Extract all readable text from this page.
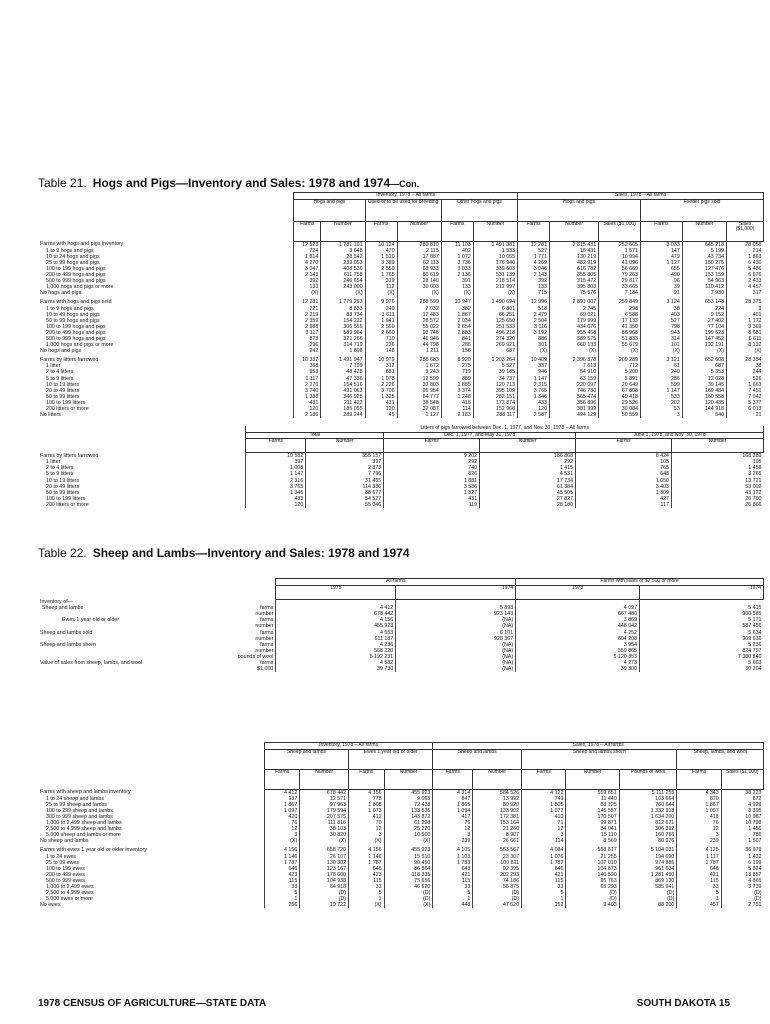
Table 21. Hogs and Pigs—Inventory and Sales: 1978 and 1974—Con.
	Inventory, 1978 – All farms						Sales, 1978 – All farms					
	Hogs and pigs		Used or to be used for breeding		Other hogs and pigs		Hogs and pigs			Feeder pigs sold		
	Farms	Number	Farms	Number	Farms	Number	Farms	Number	Sales ($1,000)	Farms	Number	Sales ($1,000)
Farms with hogs and pigs inventory	12 523	1 781 191	10 124	289 810	11 103	1 491 381	12 281	2 815 431	252 665	3 033	645 218	28 058
1 to 9 hogs and pigs	724	3 648	470	2 115	402	1 533	527	18 431	1 571	147	5 199	214
10 to 24 hogs and pigs	1 814	28 542	1 510	17 887	1 072	10 655	1 771	130 219	10 994	479	43 734	1 863
25 to 99 hogs and pigs	4 270	239 053	3 389	62 113	3 736	176 940	4 269	482 919	41 096	1 127	150 275	6 430
100 to 199 hogs and pigs	3 047	408 536	2 559	68 933	3 033	339 603	3 046	616 782	56 660	655	127 476	5 486
200 to 499 hogs and pigs	2 143	611 758	1 765	80 619	2 136	531 139	2 143	855 805	79 263	490	153 159	6 976
500 to 999 hogs and pigs	392	246 654	319	28 140	391	218 514	392	315 472	29 817	96	54 963	2 433
1,000 hogs and pigs or more	133	243 000	112	30 003	133	212 997	133	395 803	33 665	39	110 412	4 457
No hogs and pigs	(X)	(X)	(X)	(X)	(X)	(X)	715	75 576	7 184	91	7 930	317

Farms with hogs and pigs sold	12 281	1 779 293	9 976	288 599	10 947	1 490 694	12 996	2 891 007	259 849	3 124	653 148	28 375
1 to 9 hogs and pigs	221	8 833	249	2 032	382	6 801	518	2 745	298	38	224	9
10 to 49 hogs and pigs	2 219	83 734	1 611	17 483	1 867	66 251	2 479	69 021	6 588	403	9 152	401
50 to 99 hogs and pigs	2 359	154 222	1 941	28 572	2 034	125 650	2 504	179 999	17 133	527	27 402	1 172
100 to 199 hogs and pigs	2 988	306 555	2 569	55 022	2 654	251 533	3 116	434 076	41 350	798	77 104	3 369
200 to 499 hogs and pigs	3 117	589 964	2 660	93 746	2 883	496 218	3 192	955 458	86 968	943	199 623	8 681
500 to 999 hogs and pigs	873	321 266	710	46 946	841	274 320	886	589 575	51 833	314	147 452	6 611
1,000 hogs and pigs or more	296	314 719	236	44 798	286	269 921	301	660 133	55 679	101	192 191	8 132
No hogs and pigs	242	1 898	148	1 211	156	687	(X)	(X)	(X)	(X)	(X)	(X)

Farms by litters farrowed	10 337	1 491 947	10 079	288 683	8 920	1 203 264	10 409	2 396 878	209 289	3 121	652 608	28 354
1 litter	368	7 199	312	1 672	275	5 527	337	7 613	712	61	687	38
2 to 4 litters	953	48 428	881	9 243	719	39 185	946	54 910	5 200	240	5 353	244
5 to 9 litters	1 117	47 336	1 078	12 599	889	34 737	1 147	63 159	5 891	286	12 028	526
10 to 19 litters	2 270	154 516	2 226	33 803	1 885	120 713	2 315	220 097	20 649	599	39 145	1 663
20 to 49 litters	3 740	491 063	3 706	95 954	3 374	395 109	3 765	746 730	67 808	1 147	169 484	7 451
50 to 99 litters	1 338	346 928	1 325	64 777	1 248	282 151	1 346	565 474	49 418	533	160 558	7 042
100 to 199 litters	431	211 422	431	38 548	416	172 874	433	356 896	29 526	202	120 435	5 377
200 litters or more	120	185 055	120	32 087	114	152 968	120	381 999	30 084	53	144 918	6 013
No litters	2 186	289 244	45	1 127	2 183	288 117	2 587	494 129	50 559	3	540	21
	Litters of pigs farrowed between Dec. 1, 1977, and Nov. 30, 1978 – All farms					
	Total		Dec. 1, 1977, and May 31, 1978		June 1, 1978, and Nov. 30, 1978	
	Farms	Number	Farms	Number	Farms	Number
Farms by litters farrowed	10 532	355 157	9 202	186 868	8 424	168 289
1 litter	397	397	292	292	105	105
2 to 4 litters	1 008	2 873	740	1 415	765	1 458
5 to 9 litters	1 147	7 796	826	4 531	648	3 265
10 to 19 litters	2 316	31 455	1 881	17 734	1 650	13 721
20 to 49 litters	3 765	114 386	3 586	61 384	3 403	53 002
50 to 99 litters	1 346	88 677	1 327	45 505	1 309	43 172
100 to 199 litters	433	54 527	431	27 827	427	26 700
200 litters or more	120	55 046	119	28 180	117	26 866
Table 22. Sheep and Lambs—Inventory and Sales: 1978 and 1974
		All farms		Farms with sales of $2,500 or more	
		1978	1974	1978	1974
Inventory of—					
Sheep and lambs	farms	4 412	5 893	4 097	5 415
	number	678 442	923 143	667 480	900 585
Ewes 1 year old or older	farms	4 156	(NA)	3 869	5 171
	number	455 923	(NA)	448 042	587 456
Sheep and lambs sold	farms	4 553	6 101	4 252	5 634
	number	611 187	928 367	604 208	909 636
Sheep and lambs shorn	farms	4 236	(NA)	3 954	5 236
	number	568 220	(NA)	559 865	824 797
	pounds of wool	5 192 231	(NA)	5 120 853	7 380 840
Value of sales from sheep, lambs, and wool	farms	4 582	(NA)	4 273	5 663
	$1,000	39 730	(NA)	39 300	30 204
	Inventory, 1978 – All farms				Sales, 1978 – All farms						
	Sheep and lambs		Ewes 1 year old or older		Sheep and lambs		Sheep and lambs shorn			Sheep, lambs, and wool	
	Farms	Number	Farms	Number	Farms	Number	Farms	Number	Pounds of wool	Farms	Sales ($1,000)
Farms with sheep and lambs inventory	4 412	678 442	4 156	455 923	4 314	584 526	4 122	559 651	5 111 255	4 343	38 223
1 to 24 sheep and lambs	937	12 571	778	9 065	847	13 992	749	11 440	103 664	870	872
25 to 99 sheep and lambs	1 867	97 963	1 808	72 433	1 865	80 920	1 805	83 125	760 644	1 867	4 929
100 to 299 sheep and lambs	1 097	179 594	1 073	133 535	1 094	133 902	1 072	145 557	1 332 918	1 097	8 395
300 to 999 sheep and lambs	420	207 575	412	143 872	417	172 381	410	170 507	1 634 200	418	10 987
1,000 to 2,499 sheep and lambs	76	111 816	70	61 298	76	153 164	71	99 871	812 671	76	10 798
2,500 to 4,999 sheep and lambs	12	38 103	12	25 220	12	21 260	12	34 041	306 392	12	1 456
5,000 sheep and lambs or more	3	30 820	3	10 500	3	8 907	3	15 110	160 766	3	786
No sheep and lambs	(X)	(X)	(X)	(X)	239	26 661	114	8 569	80 976	239	1 507

Farms with ewes 1 year old or older inventory	4 156	658 720	4 156	455 923	4 105	563 567	4 084	558 817	5 104 031	4 125	36 979
1 to 24 ewes	1 146	26 107	1 146	15 510	1 103	23 307	1 076	21 255	194 690	1 117	1 432
25 to 99 ewes	1 787	130 302	1 787	90 450	1 783	100 811	1 787	107 010	974 886	1 787	6 199
100 to 199 ewes	646	123 167	646	86 864	643	92 395	646	104 873	961 634	646	5 824
200 to 499 ewes	423	178 600	423	118 335	421	202 293	421	140 590	1 281 490	421	13 857
500 to 999 ewes	115	104 938	115	75 656	115	74 186	115	95 763	869 130	115	4 865
1,000 to 2,499 ewes	33	64 918	33	46 620	33	56 875	33	65 293	585 941	33	3 739
2,500 to 4,999 ewes	5	(D)	5	(D)	5	(D)	5	(D)	(D)	5	(D)
5,000 ewes or more	1	(D)	1	(D)	1	(D)	1	(D)	(D)	1	(D)
No ewes	256	19 722	(X)	(X)	448	47 620	152	9 403	88 200	457	2 751
1978 CENSUS OF AGRICULTURE—STATE DATA	SOUTH DAKOTA 15
